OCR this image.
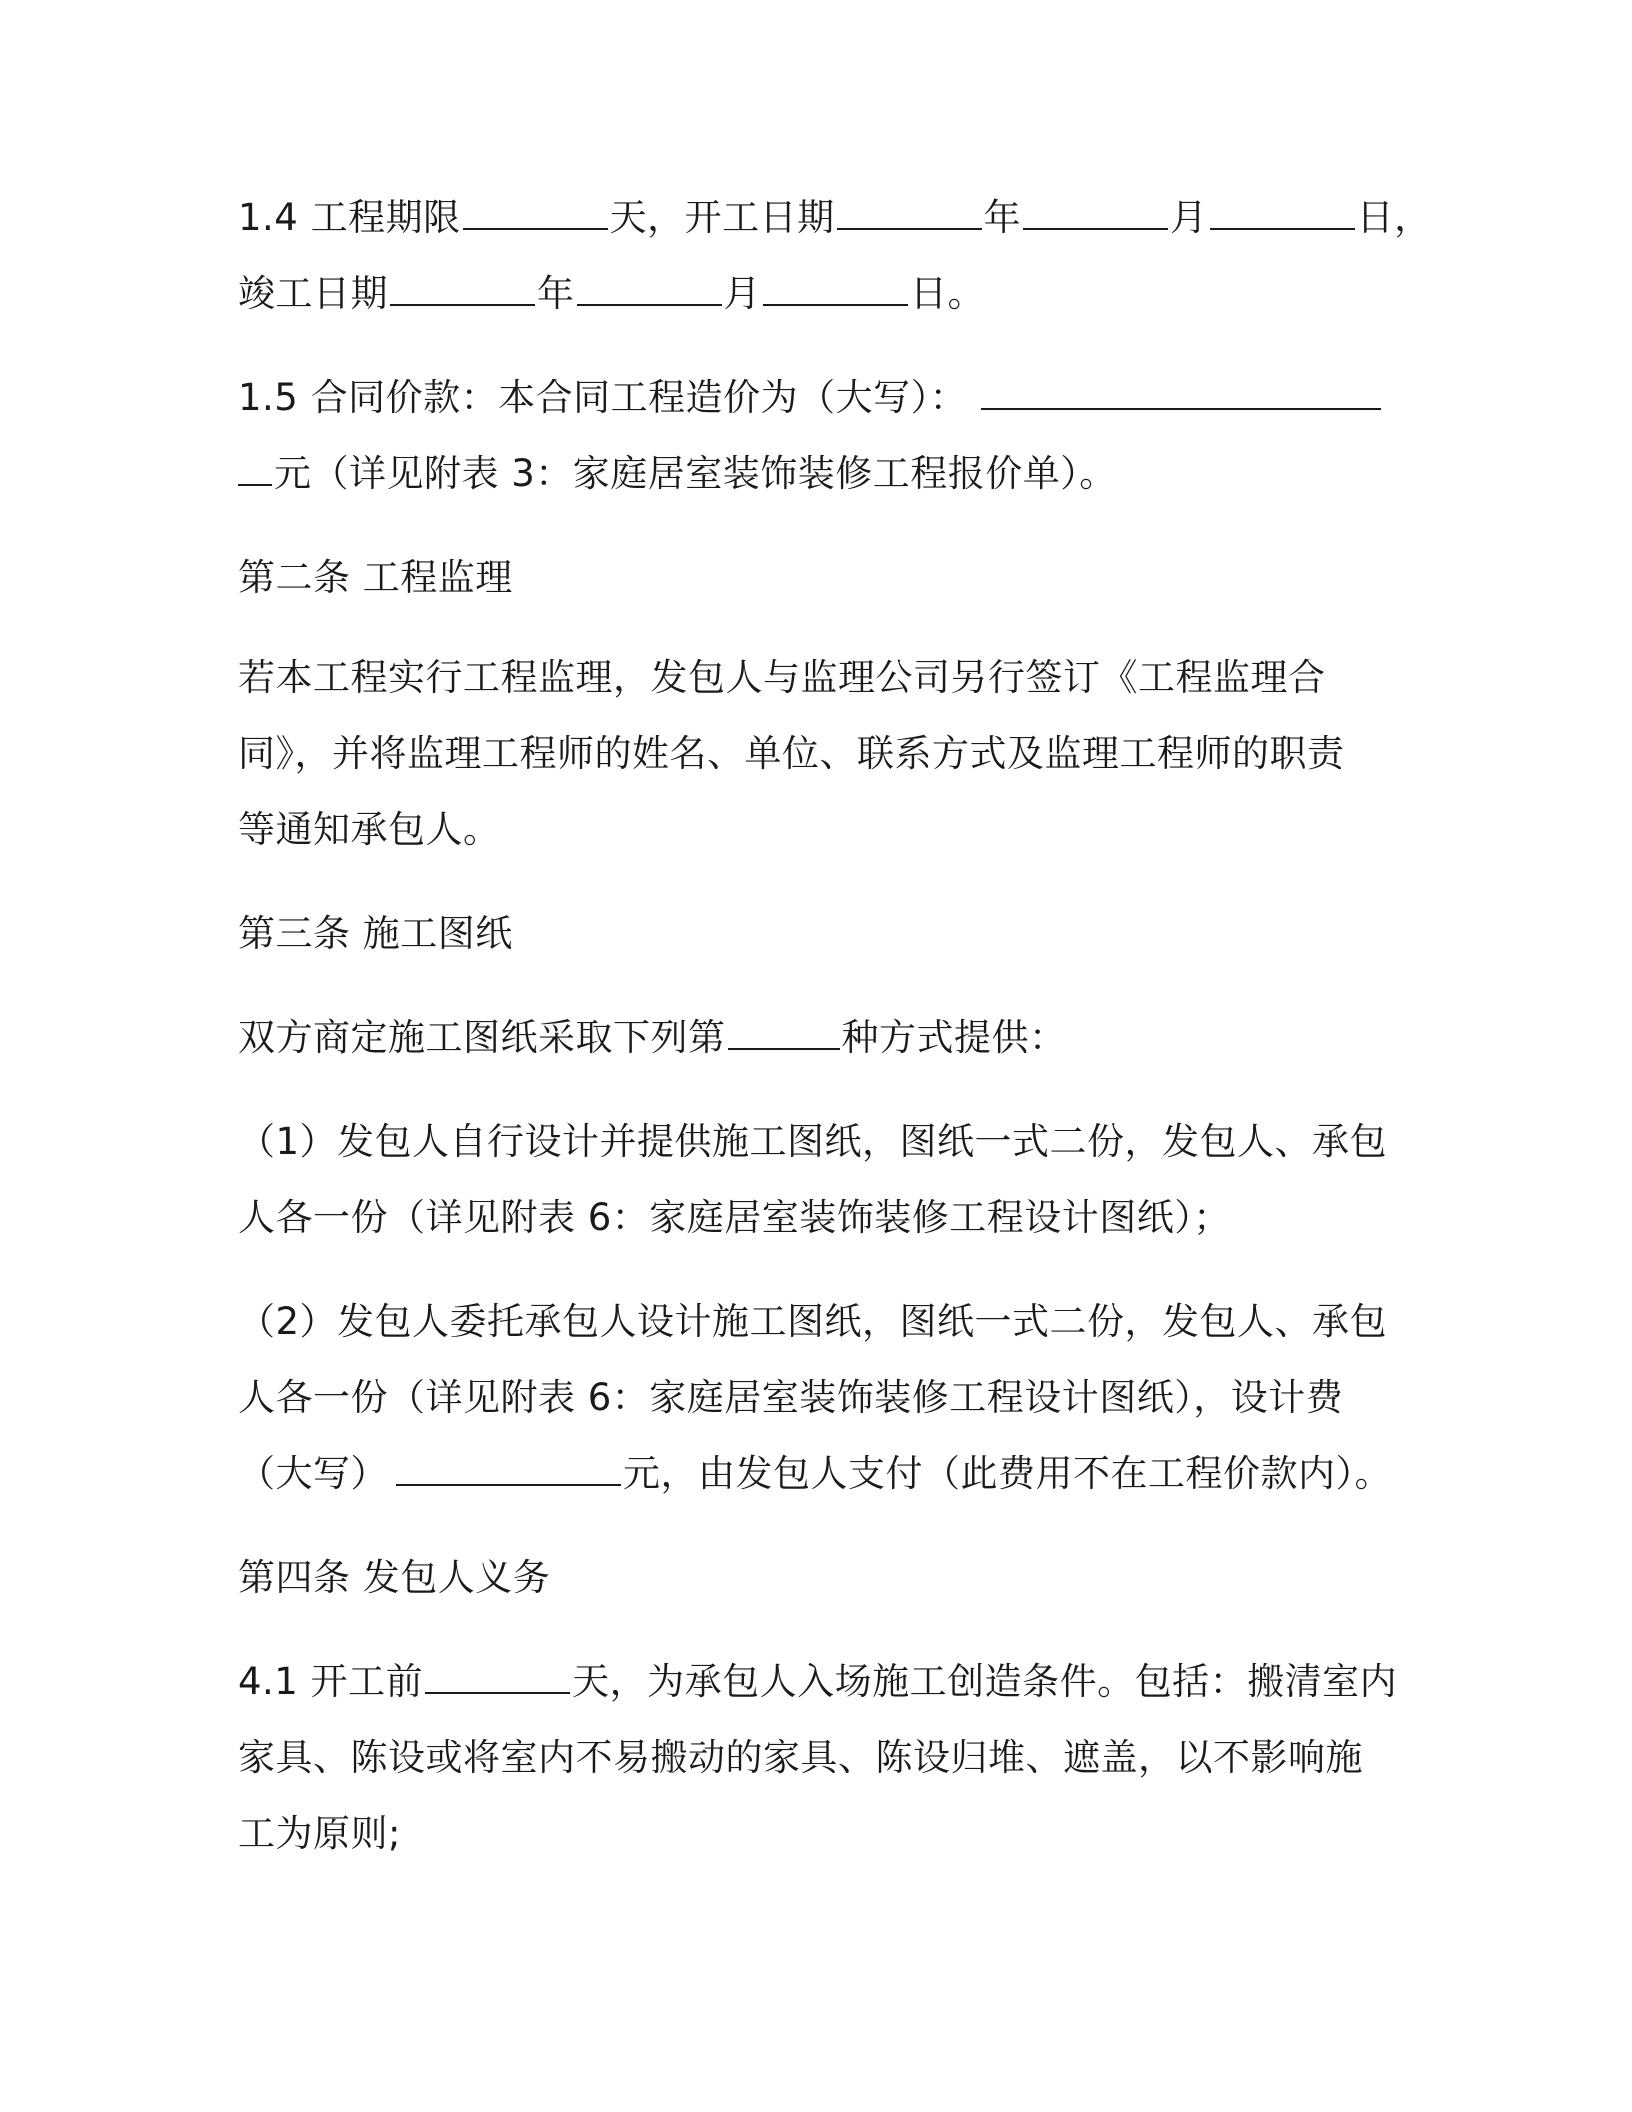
1.4 工程期限	天，开工日期	年	月	日，
竣工日期	年	月	日。
1.5 合同价款：本合同工程造价为（大写）：
元（详见附表 3：家庭居室装饰装修工程报价单）。
第二条 工程监理
若本工程实行工程监理，发包人与监理公司另行签订《工程监理合
同》，并将监理工程师的姓名、单位、联系方式及监理工程师的职责
等通知承包人。
第三条 施工图纸
双方商定施工图纸采取下列第	种方式提供：
（1）发包人自行设计并提供施工图纸，图纸一式二份，发包人、承包
人各一份（详见附表 6：家庭居室装饰装修工程设计图纸）；
（2）发包人委托承包人设计施工图纸，图纸一式二份，发包人、承包
人各一份（详见附表 6：家庭居室装饰装修工程设计图纸），设计费
（大写）	元，由发包人支付（此费用不在工程价款内）。
第四条 发包人义务
4.1 开工前	天，为承包人入场施工创造条件。包括：搬清室内
家具、陈设或将室内不易搬动的家具、陈设归堆、遮盖，以不影响施
工为原则;
